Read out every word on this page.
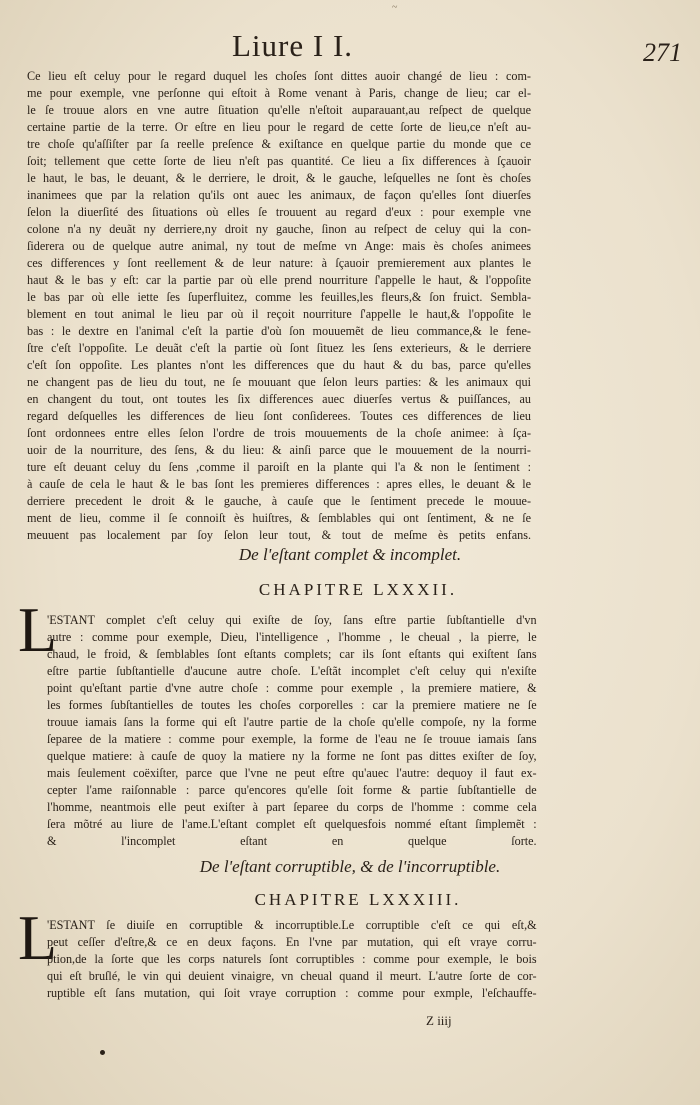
~
Liure I I.	271
Ce lieu eſt celuy pour le regard duquel les choſes ſont dittes auoir changé de lieu : com-
me pour exemple, vne perſonne qui eſtoit à Rome venant à Paris, change de lieu; car el-
le ſe trouue alors en vne autre ſituation qu'elle n'eſtoit auparauant,au reſpect de quelque
certaine partie de la terre. Or eſtre en lieu pour le regard de cette ſorte de lieu,ce n'eſt au-
tre choſe qu'aſſiſter par ſa reelle preſence & exiſtance en quelque partie du monde que ce
ſoit; tellement que cette ſorte de lieu n'eſt pas quantité. Ce lieu a ſix differences à ſçauoir
le haut, le bas, le deuant, & le derriere, le droit, & le gauche, leſquelles ne ſont ès choſes
inanimees que par la relation qu'ils ont auec les animaux, de façon qu'elles ſont diuerſes
ſelon la diuerſité des ſituations où elles ſe trouuent au regard d'eux : pour exemple vne
colone n'a ny deuãt ny derriere,ny droit ny gauche, ſinon au reſpect de celuy qui la con-
ſiderera ou de quelque autre animal, ny tout de meſme vn Ange: mais ès choſes animees
ces differences y ſont reellement & de leur nature: à ſçauoir premierement aux plantes le
haut & le bas y eſt: car la partie par où elle prend nourriture ſ'appelle le haut, & l'oppoſite
le bas par où elle iette ſes ſuperfluitez, comme les feuilles,les fleurs,& ſon fruict. Sembla-
blement en tout animal le lieu par où il reçoit nourriture ſ'appelle le haut,& l'oppoſite le
bas : le dextre en l'animal c'eſt la partie d'où ſon mouuemẽt de lieu commance,& le fene-
ſtre c'eſt l'oppoſite. Le deuãt c'eſt la partie où ſont ſituez les ſens exterieurs, & le derriere
c'eſt ſon oppoſite. Les plantes n'ont les differences que du haut & du bas, parce qu'elles
ne changent pas de lieu du tout, ne ſe mouuant que ſelon leurs parties: & les animaux qui
en changent du tout, ont toutes les ſix differences auec diuerſes vertus & puiſſances, au
regard deſquelles les differences de lieu ſont conſiderees. Toutes ces differences de lieu
ſont ordonnees entre elles ſelon l'ordre de trois mouuements de la choſe animee: à ſça-
uoir de la nourriture, des ſens, & du lieu: & ainſi parce que le mouuement de la nourri-
ture eſt deuant celuy du ſens ,comme il paroiſt en la plante qui l'a & non le ſentiment :
à cauſe de cela le haut & le bas ſont les premieres differences : apres elles, le deuant & le
derriere precedent le droit & le gauche, à cauſe que le ſentiment precede le mouue-
ment de lieu, comme il ſe connoiſt ès huiſtres, & ſemblables qui ont ſentiment, & ne ſe
meuuent pas localement par ſoy ſelon leur tout, & tout de meſme ès petits enfans.
De l'eſtant complet & incomplet.
CHAPITRE LXXXII.
L
'ESTANT complet c'eſt celuy qui exiſte de ſoy, ſans eſtre partie ſubſtantielle d'vn
autre : comme pour exemple, Dieu, l'intelligence , l'homme , le cheual , la pierre, le
chaud, le froid, & ſemblables ſont eſtants complets; car ils ſont eſtants qui exiſtent ſans
eſtre partie ſubſtantielle d'aucune autre choſe. L'eſtãt incomplet c'eſt celuy qui n'exiſte
point qu'eſtant partie d'vne autre choſe : comme pour exemple , la premiere matiere, &
les formes ſubſtantielles de toutes les choſes corporelles : car la premiere matiere ne ſe
trouue iamais ſans la forme qui eſt l'autre partie de la choſe qu'elle compoſe, ny la forme
ſeparee de la matiere : comme pour exemple, la forme de l'eau ne ſe trouue iamais ſans
quelque matiere: à cauſe de quoy la matiere ny la forme ne ſont pas dittes exiſter de ſoy,
mais ſeulement coëxiſter, parce que l'vne ne peut eſtre qu'auec l'autre: dequoy il faut ex-
cepter l'ame raiſonnable : parce qu'encores qu'elle ſoit forme & partie ſubſtantielle de
l'homme, neantmois elle peut exiſter à part ſeparee du corps de l'homme : comme cela
ſera mõtré au liure de l'ame.L'eſtant complet eſt quelquesfois nommé eſtant ſimplemẽt :
& l'incomplet eſtant en quelque ſorte.
De l'eſtant corruptible, & de l'incorruptible.
CHAPITRE LXXXIII.
L
'ESTANT ſe diuiſe en corruptible & incorruptible.Le corruptible c'eſt ce qui eſt,&
peut ceſſer d'eſtre,& ce en deux façons. En l'vne par mutation, qui eſt vraye corru-
ption,de la ſorte que les corps naturels ſont corruptibles : comme pour exemple, le bois
qui eſt bruſlé, le vin qui deuient vinaigre, vn cheual quand il meurt. L'autre ſorte de cor-
ruptible eſt ſans mutation, qui ſoit vraye corruption : comme pour exmple, l'eſchauffe-
Z iiij
